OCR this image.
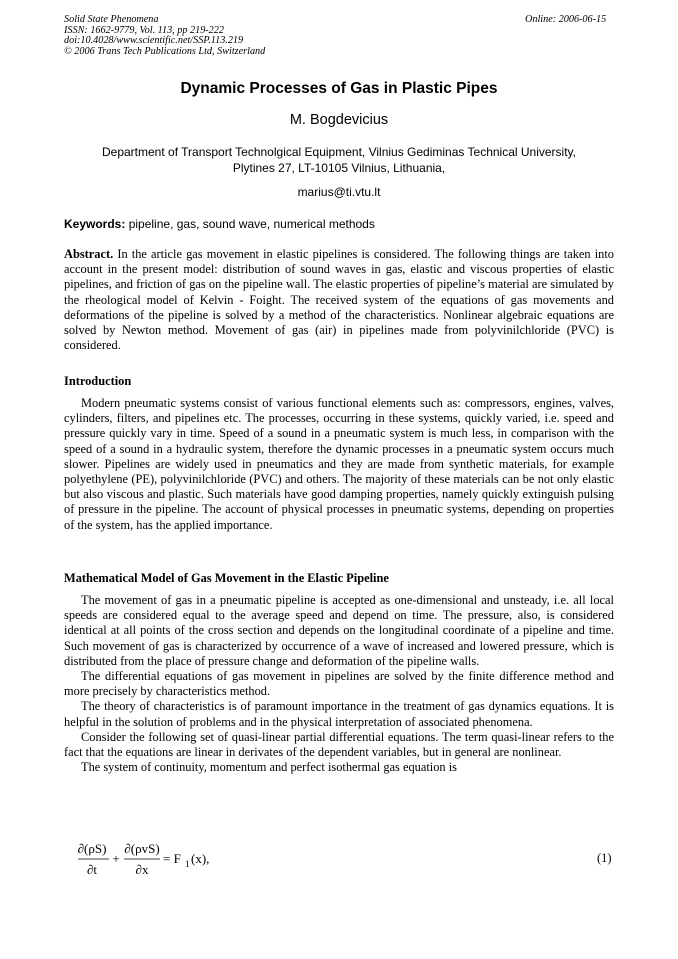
Solid State Phenomena
ISSN: 1662-9779, Vol. 113, pp 219-222
doi:10.4028/www.scientific.net/SSP.113.219
© 2006 Trans Tech Publications Ltd, Switzerland
Online: 2006-06-15
Dynamic Processes of Gas in Plastic Pipes
M. Bogdevicius
Department of Transport Technolgical Equipment, Vilnius Gediminas Technical University,
Plytines 27, LT-10105 Vilnius, Lithuania,
marius@ti.vtu.lt
Keywords: pipeline, gas, sound wave, numerical methods

Abstract. In the article gas movement in elastic pipelines is considered. The following things are taken into account in the present model: distribution of sound waves in gas, elastic and viscous properties of elastic pipelines, and friction of gas on the pipeline wall. The elastic properties of pipeline’s material are simulated by the rheological model of Kelvin - Foight. The received system of the equations of gas movements and deformations of the pipeline is solved by a method of the characteristics. Nonlinear algebraic equations are solved by Newton method. Movement of gas (air) in pipelines made from polyvinilchloride (PVC) is considered.

Introduction

Modern pneumatic systems consist of various functional elements such as: compressors, engines, valves, cylinders, filters, and pipelines etc. The processes, occurring in these systems, quickly varied, i.e. speed and pressure quickly vary in time. Speed of a sound in a pneumatic system is much less, in comparison with the speed of a sound in a hydraulic system, therefore the dynamic processes in a pneumatic system occurs much slower. Pipelines are widely used in pneumatics and they are made from synthetic materials, for example polyethylene (PE), polyvinilchloride (PVC) and others. The majority of these materials can be not only elastic but also viscous and plastic. Such materials have good damping properties, namely quickly extinguish pulsing of pressure in the pipeline. The account of physical processes in pneumatic systems, depending on properties of the system, has the applied importance.

Mathematical Model of Gas Movement in the Elastic Pipeline

The movement of gas in a pneumatic pipeline is accepted as one-dimensional and unsteady, i.e. all local speeds are considered equal to the average speed and depend on time. The pressure, also, is considered identical at all points of the cross section and depends on the longitudinal coordinate of a pipeline and time. Such movement of gas is characterized by occurrence of a wave of increased and lowered pressure, which is distributed from the place of pressure change and deformation of the pipeline walls.

The differential equations of gas movement in pipelines are solved by the finite difference method and more precisely by characteristics method.

The theory of characteristics is of paramount importance in the treatment of gas dynamics equations. It is helpful in the solution of problems and in the physical interpretation of associated phenomena.

Consider the following set of quasi-linear partial differential equations. The term quasi-linear refers to the fact that the equations are linear in derivates of the dependent variables, but in general are nonlinear.

The system of continuity, momentum and perfect isothermal gas equation is

∂(ρS)
∂t
+
∂(ρvS)
∂x
= F 1 (x),	(1)
